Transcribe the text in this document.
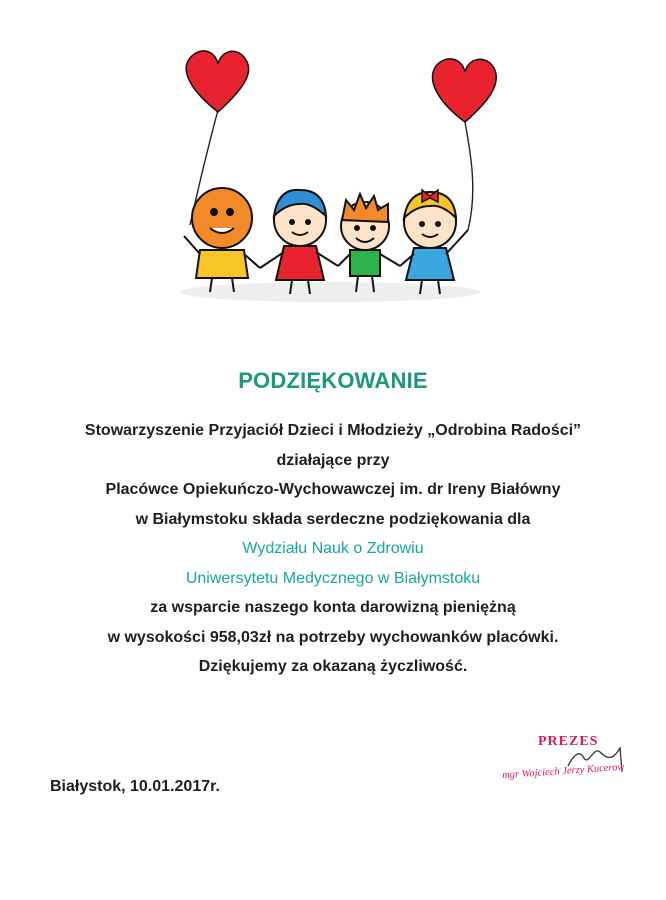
PODZIĘKOWANIE
Stowarzyszenie Przyjaciół Dzieci i Młodzieży „Odrobina Radości”
działające przy
Placówce Opiekuńczo-Wychowawczej im. dr Ireny Białówny
w Białymstoku składa serdeczne podziękowania dla
Wydziału Nauk o Zdrowiu
Uniwersytetu Medycznego w Białymstoku
za wsparcie naszego konta darowizną pieniężną
w wysokości 958,03zł na potrzeby wychowanków placówki.
Dziękujemy za okazaną życzliwość.
PREZES
mgr Wojciech Jerzy Kucerow
Białystok, 10.01.2017r.
